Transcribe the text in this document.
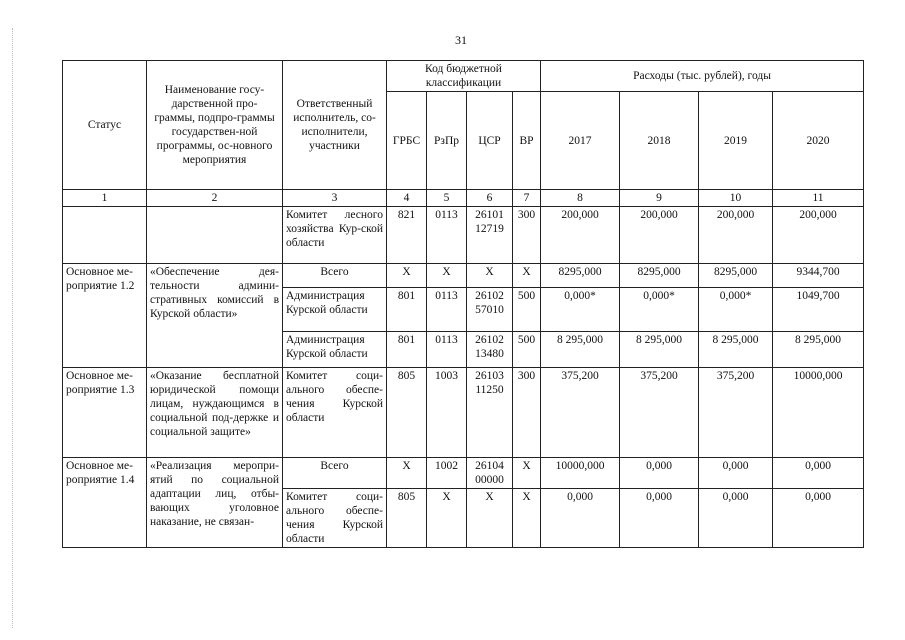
31
Статус	Наименование госу-дарственной про-граммы, подпро-граммы государствен-ной программы, ос-новного мероприятия	Ответственный исполнитель, со-исполнители, участники	Код бюджетной классификации				Расходы (тыс. рублей), годы			
			ГРБС	РзПр	ЦСР	ВР	2017	2018	2019	2020
1	2	3	4	5	6	7	8	9	10	11
		Комитет лесного хозяйства Кур-ской области	821	0113	26101 12719	300	200,000	200,000	200,000	200,000
Основное ме-роприятие 1.2	«Обеспечение дея-тельности админи-стративных комиссий в Курской области»	Всего	Х	Х	Х	Х	8295,000	8295,000	8295,000	9344,700
		Администрация Курской области	801	0113	26102 57010	500	0,000*	0,000*	0,000*	1049,700
		Администрация Курской области	801	0113	26102 13480	500	8 295,000	8 295,000	8 295,000	8 295,000
Основное ме-роприятие 1.3	«Оказание бесплатной юридической помощи лицам, нуждающимся в социальной под-держке и социальной защите»	Комитет соци-ального обеспе-чения Курской области	805	1003	26103 11250	300	375,200	375,200	375,200	10000,000
Основное ме-роприятие 1.4	«Реализация меропри-ятий по социальной адаптации лиц, отбы-вающих уголовное наказание, не связан-	Всего	Х	1002	26104 00000	Х	10000,000	0,000	0,000	0,000
		Комитет соци-ального обеспе-чения Курской области	805	Х	Х	Х	0,000	0,000	0,000	0,000
